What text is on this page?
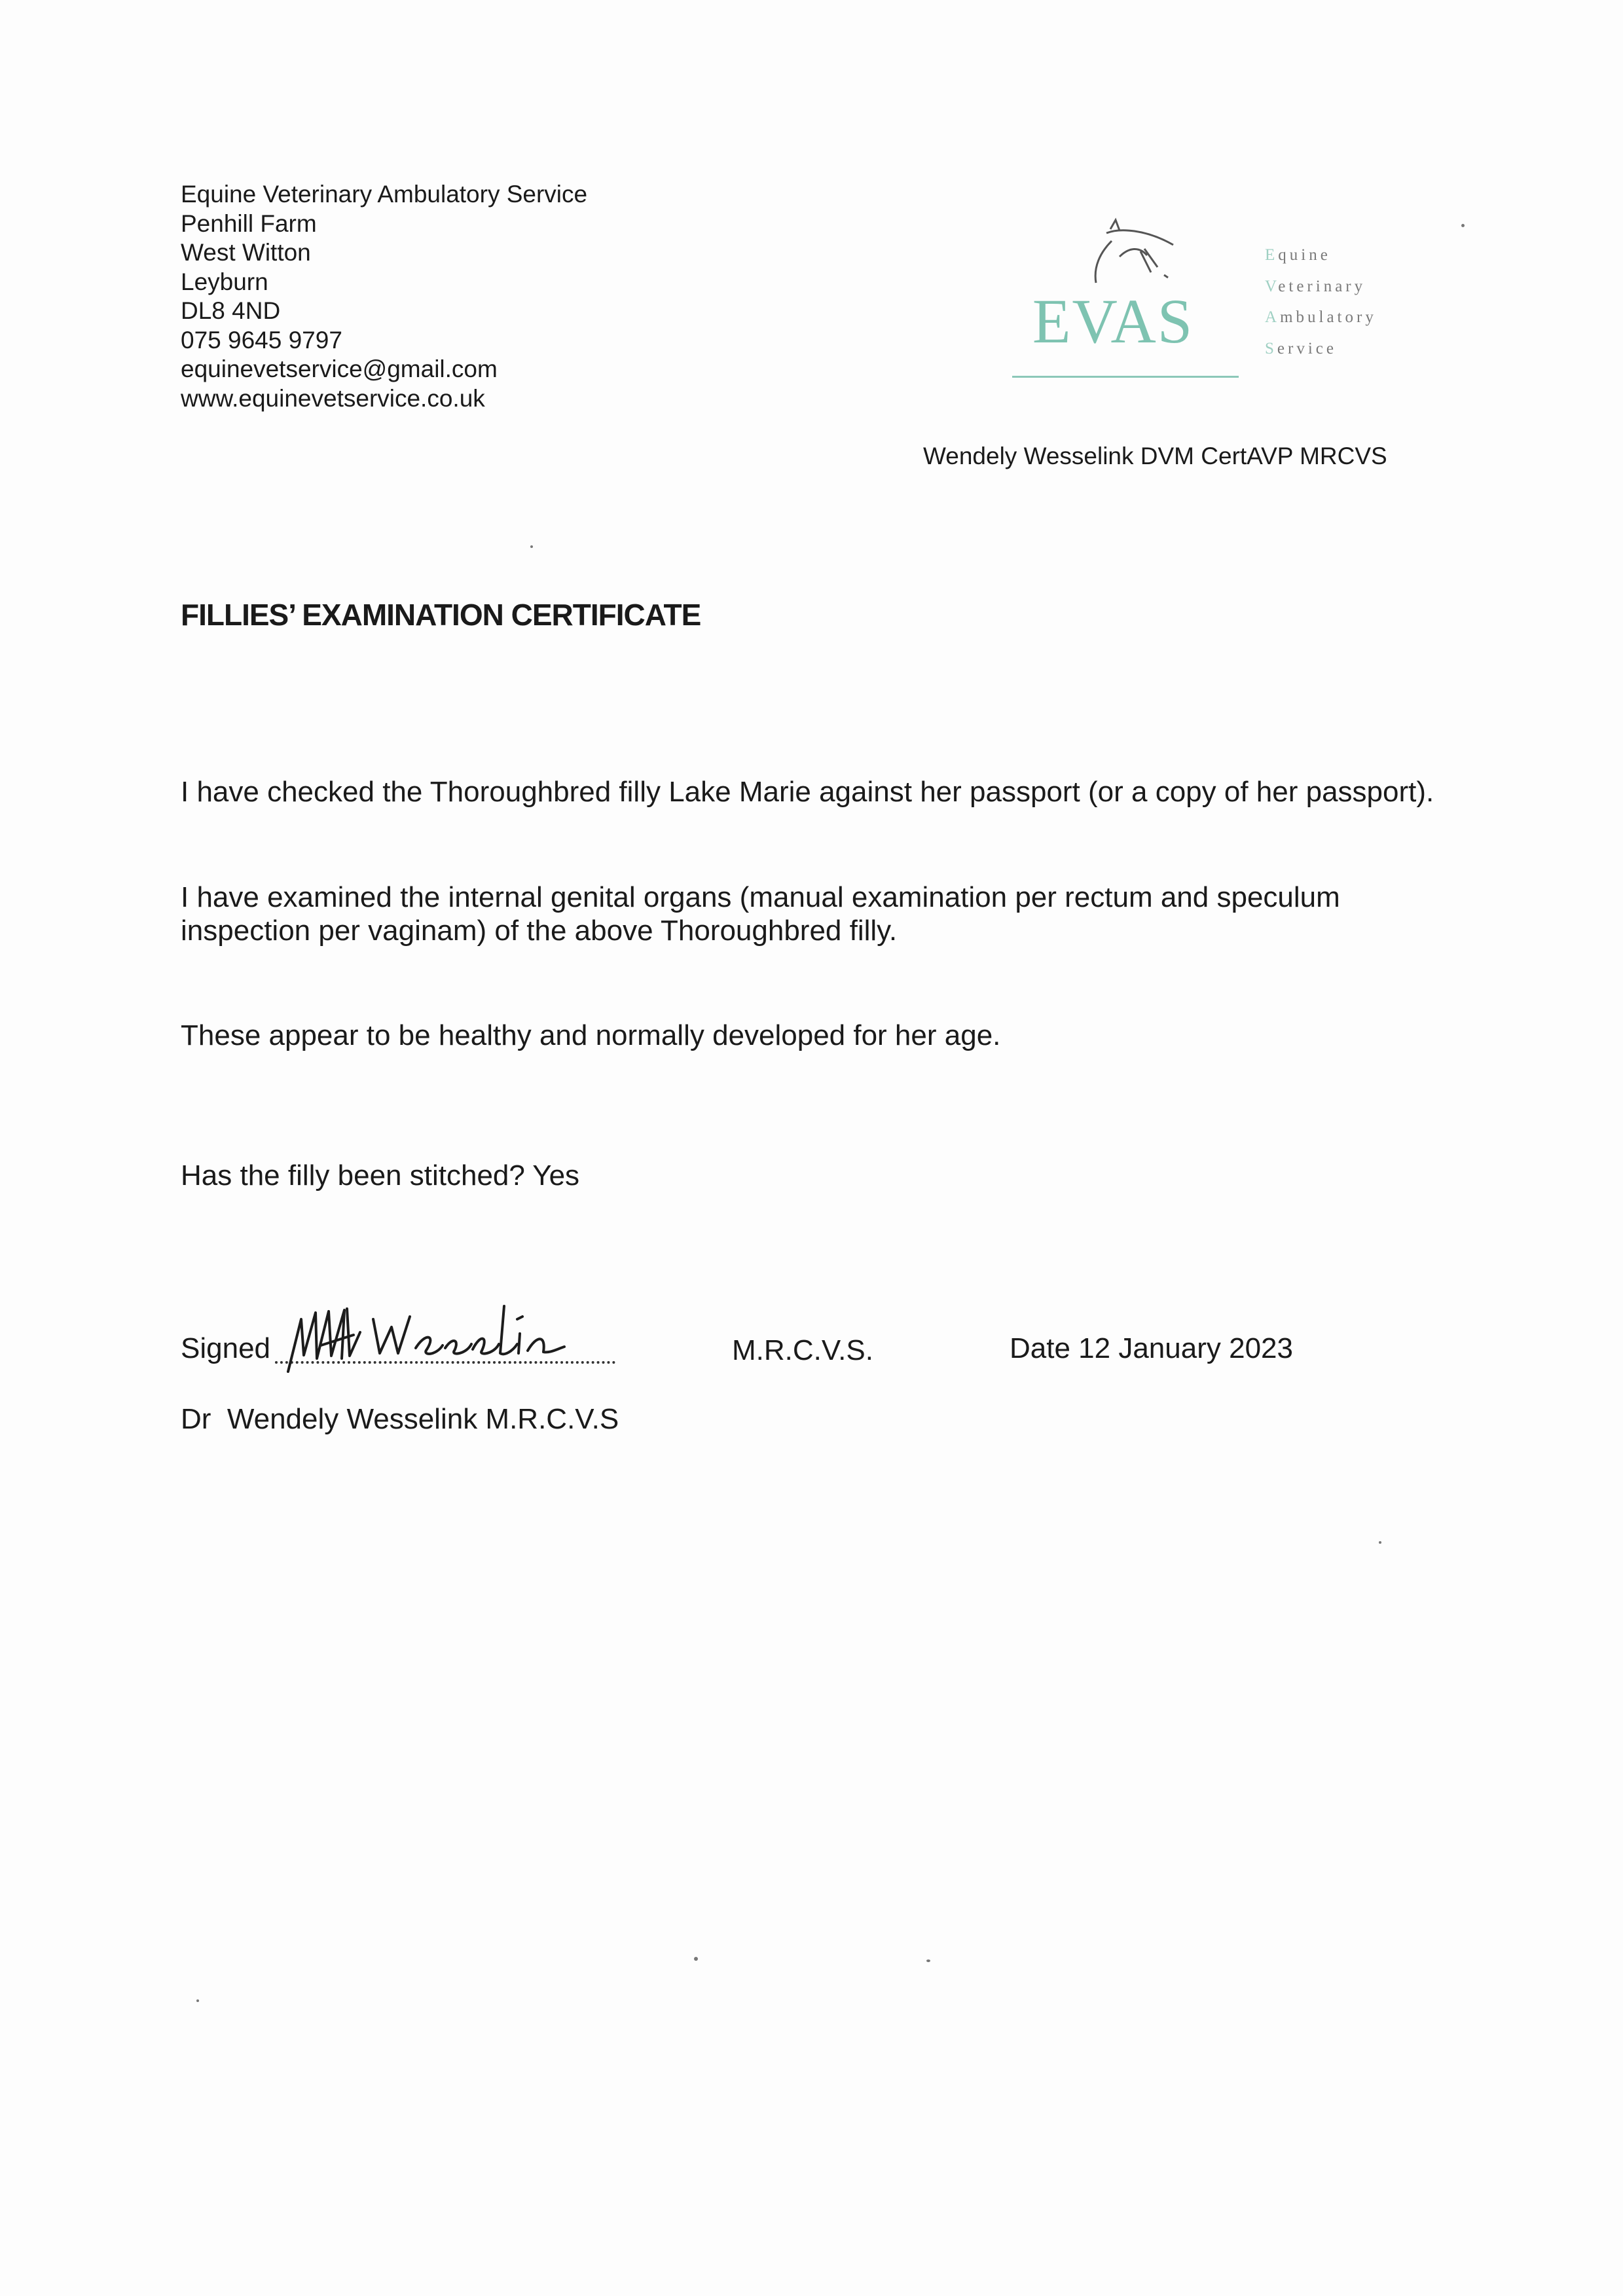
Equine Veterinary Ambulatory Service
Penhill Farm
West Witton
Leyburn
DL8 4ND
075 9645 9797
equinevetservice@gmail.com
www.equinevetservice.co.uk
EVAS
Equine
Veterinary
Ambulatory
Service
Wendely Wesselink DVM CertAVP MRCVS
FILLIES’ EXAMINATION CERTIFICATE
I have checked the Thoroughbred filly Lake Marie against her passport (or a copy of her passport).
I have examined the internal genital organs (manual examination per rectum and speculum inspection per vaginam) of the above Thoroughbred filly.
These appear to be healthy and normally developed for her age.
Has the filly been stitched? Yes
Signed	M.R.C.V.S.	Date 12 January 2023
Dr  Wendely Wesselink M.R.C.V.S
